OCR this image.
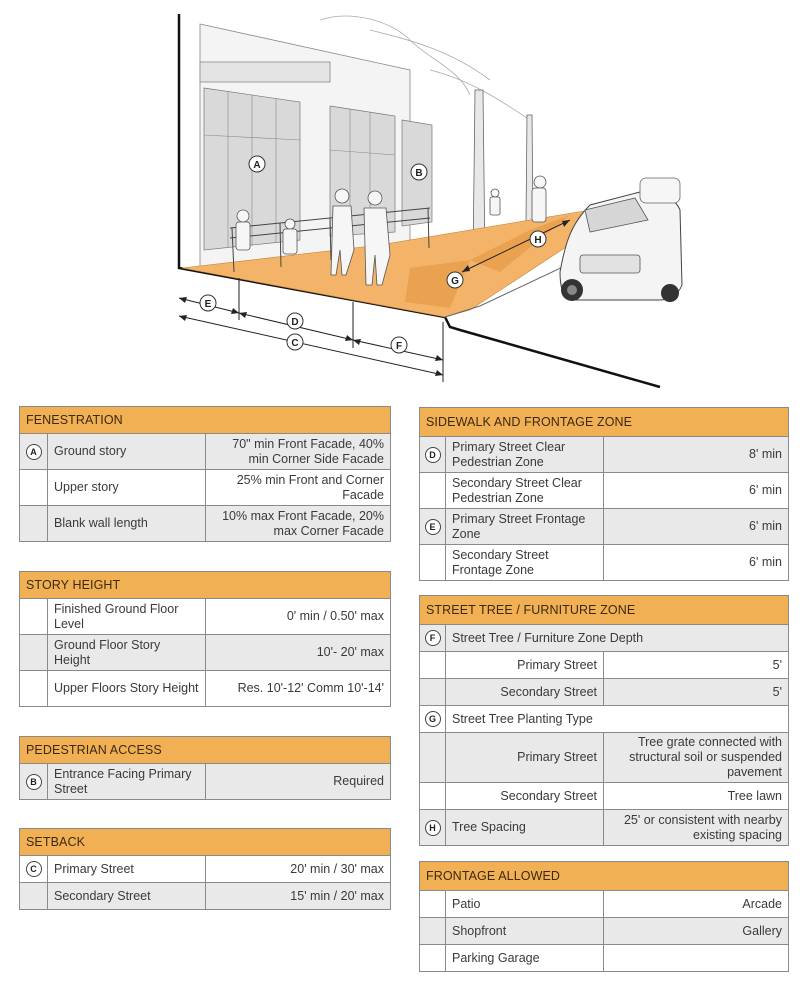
A
B
E
D
C	F
G
H
FENESTRATION		
A	Ground story	70" min Front Facade, 40% min Corner Side Facade
	Upper story	25% min Front and Corner Facade
	Blank wall length	10% max Front Facade, 20% max Corner Facade
STORY HEIGHT		
	Finished Ground Floor Level	0' min / 0.50' max
	Ground Floor Story Height	10'- 20' max
	Upper Floors Story Height	Res. 10'-12' Comm 10'-14'
PEDESTRIAN ACCESS
B	Entrance Facing Primary Street	Required
SETBACK		
C	Primary Street	20' min / 30' max
	Secondary Street	15' min / 20' max
SIDEWALK AND FRONTAGE ZONE		
D	Primary Street Clear Pedestrian Zone	8' min
	Secondary Street Clear Pedestrian Zone	6' min
E	Primary Street Frontage Zone	6' min
	Secondary Street Frontage Zone	6' min
STREET TREE / FURNITURE ZONE		
F	Street Tree / Furniture Zone Depth	
	Primary Street	5'
	Secondary Street	5'
G	Street Tree Planting Type	
	Primary Street	Tree grate connected with structural soil or suspended pavement
	Secondary Street	Tree lawn
H	Tree Spacing	25' or consistent with nearby existing spacing
FRONTAGE ALLOWED		
	Patio	Arcade
	Shopfront	Gallery
	Parking Garage	
